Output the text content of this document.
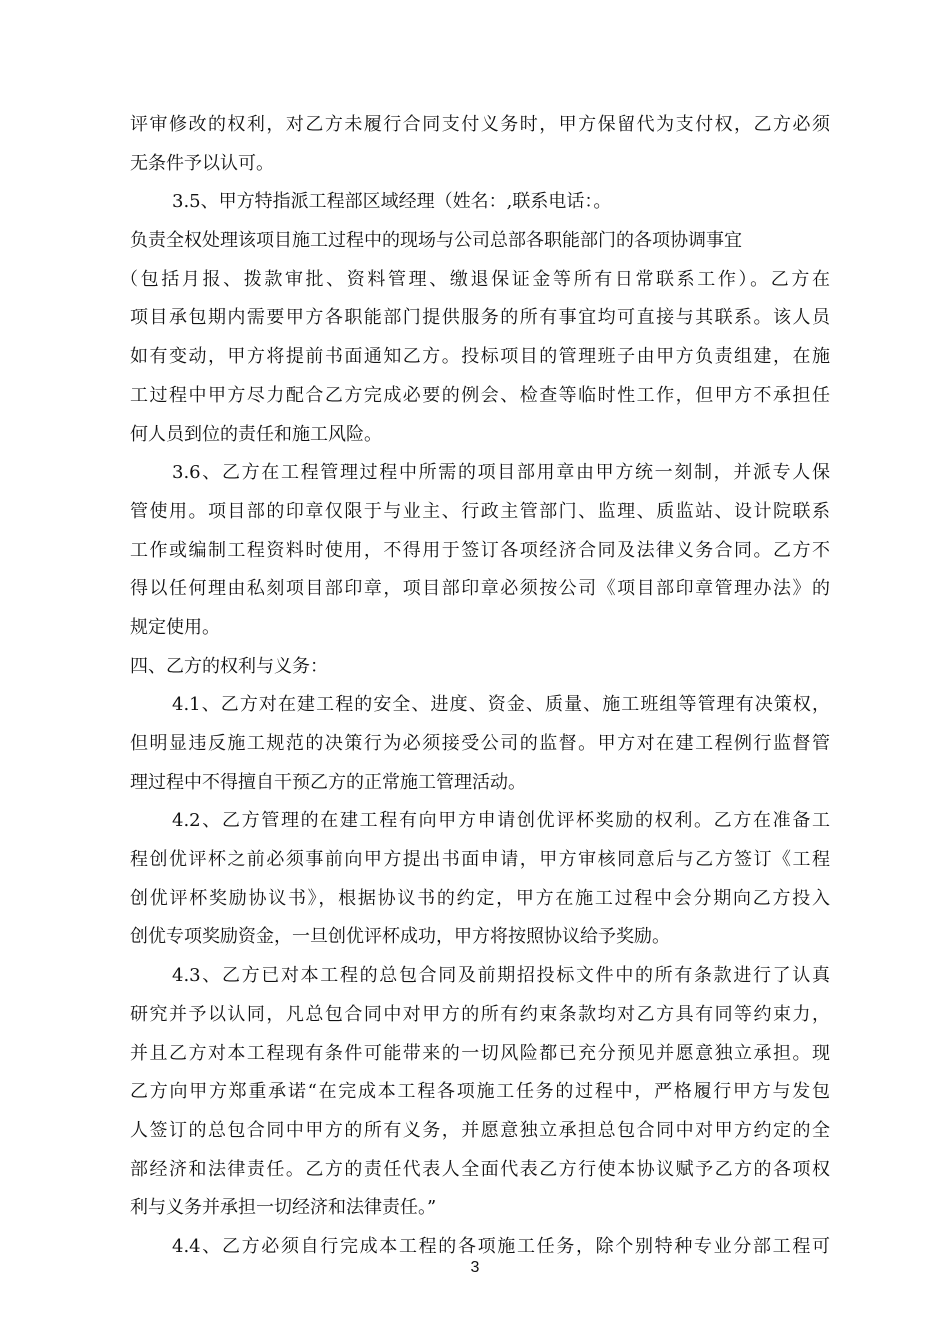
评审修改的权利，对乙方未履行合同支付义务时，甲方保留代为支付权，乙方必须
无条件予以认可。
3.5、甲方特指派工程部区域经理（姓名：,联系电话：。
负责全权处理该项目施工过程中的现场与公司总部各职能部门的各项协调事宜
（包括月报、拨款审批、资料管理、缴退保证金等所有日常联系工作）。乙方在
项目承包期内需要甲方各职能部门提供服务的所有事宜均可直接与其联系。该人员
如有变动，甲方将提前书面通知乙方。投标项目的管理班子由甲方负责组建，在施
工过程中甲方尽力配合乙方完成必要的例会、检查等临时性工作，但甲方不承担任
何人员到位的责任和施工风险。
3.6、乙方在工程管理过程中所需的项目部用章由甲方统一刻制，并派专人保
管使用。项目部的印章仅限于与业主、行政主管部门、监理、质监站、设计院联系
工作或编制工程资料时使用，不得用于签订各项经济合同及法律义务合同。乙方不
得以任何理由私刻项目部印章，项目部印章必须按公司《项目部印章管理办法》的
规定使用。
四、乙方的权利与义务：
4.1、乙方对在建工程的安全、进度、资金、质量、施工班组等管理有决策权，
但明显违反施工规范的决策行为必须接受公司的监督。甲方对在建工程例行监督管
理过程中不得擅自干预乙方的正常施工管理活动。
4.2、乙方管理的在建工程有向甲方申请创优评杯奖励的权利。乙方在准备工
程创优评杯之前必须事前向甲方提出书面申请，甲方审核同意后与乙方签订《工程
创优评杯奖励协议书》，根据协议书的约定，甲方在施工过程中会分期向乙方投入
创优专项奖励资金，一旦创优评杯成功，甲方将按照协议给予奖励。
4.3、乙方已对本工程的总包合同及前期招投标文件中的所有条款进行了认真
研究并予以认同，凡总包合同中对甲方的所有约束条款均对乙方具有同等约束力，
并且乙方对本工程现有条件可能带来的一切风险都已充分预见并愿意独立承担。现
乙方向甲方郑重承诺“在完成本工程各项施工任务的过程中，严格履行甲方与发包
人签订的总包合同中甲方的所有义务，并愿意独立承担总包合同中对甲方约定的全
部经济和法律责任。乙方的责任代表人全面代表乙方行使本协议赋予乙方的各项权
利与义务并承担一切经济和法律责任。”
4.4、乙方必须自行完成本工程的各项施工任务，除个别特种专业分部工程可
3
